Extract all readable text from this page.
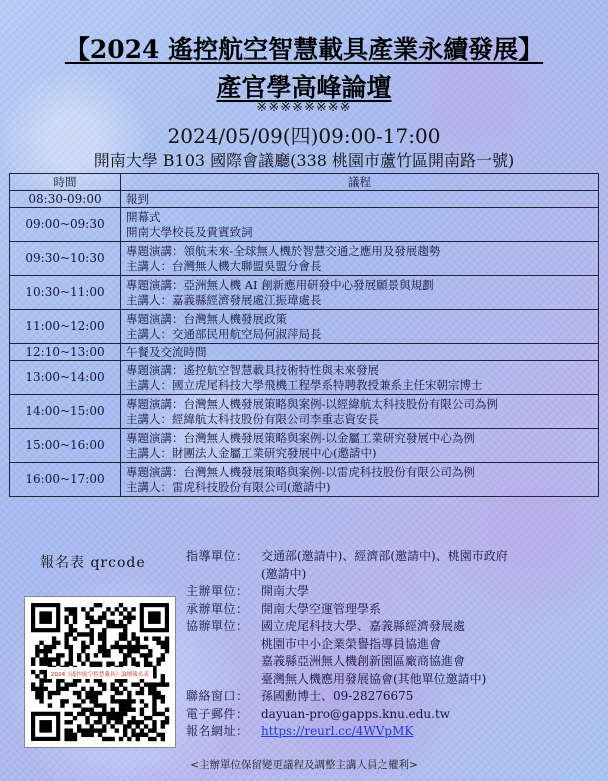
【2024 遙控航空智慧載具產業永續發展】
產官學高峰論壇
※※※※※※※※
2024/05/09(四)09:00-17:00
開南大學 B103 國際會議廳(338 桃園市蘆竹區開南路一號)
時間	議程
08:30-09:00	報到

09:00~09:30	開幕式
開南大學校長及貴賓致詞

09:30~10:30	專題演講：領航未來-全球無人機於智慧交通之應用及發展趨勢
主講人：台灣無人機大聯盟吳盟分會長

10:30~11:00	專題演講：亞洲無人機 AI 創新應用研發中心發展願景與規劃
主講人：嘉義縣經濟發展處江振瑋處長

11:00~12:00	專題演講：台灣無人機發展政策
主講人：交通部民用航空局何淑萍局長

12:10~13:00	午餐及交流時間

13:00~14:00	專題演講：遙控航空智慧載具技術特性與未來發展
主講人：國立虎尾科技大學飛機工程學系特聘教授兼系主任宋朝宗博士

14:00~15:00	專題演講：台灣無人機發展策略與案例-以經緯航太科技股份有限公司為例
主講人：經緯航太科技股份有限公司李重志資安長

15:00~16:00	專題演講：台灣無人機發展策略與案例-以金屬工業研究發展中心為例
主講人：財團法人金屬工業研究發展中心(邀請中)

16:00~17:00	專題演講：台灣無人機發展策略與案例-以雷虎科技股份有限公司為例
主講人：雷虎科技股份有限公司(邀請中)
報名表 qrcode
2024《遙控航空智慧載具》論壇報名表
指導單位：	交通部(邀請中)、經濟部(邀請中)、桃園市政府
(邀請中)
主辦單位：	開南大學
承辦單位：	開南大學空運管理學系
協辦單位：	國立虎尾科技大學、嘉義縣經濟發展處
桃園市中小企業榮譽指導員協進會
嘉義縣亞洲無人機創新園區廠商協進會
臺灣無人機應用發展協會(其他單位邀請中)
聯絡窗口：	孫國勳博士、09-28276675
電子郵件：	dayuan-pro@gapps.knu.edu.tw
報名網址：	https://reurl.cc/4WVpMK
<主辦單位保留變更議程及調整主講人員之權利>
